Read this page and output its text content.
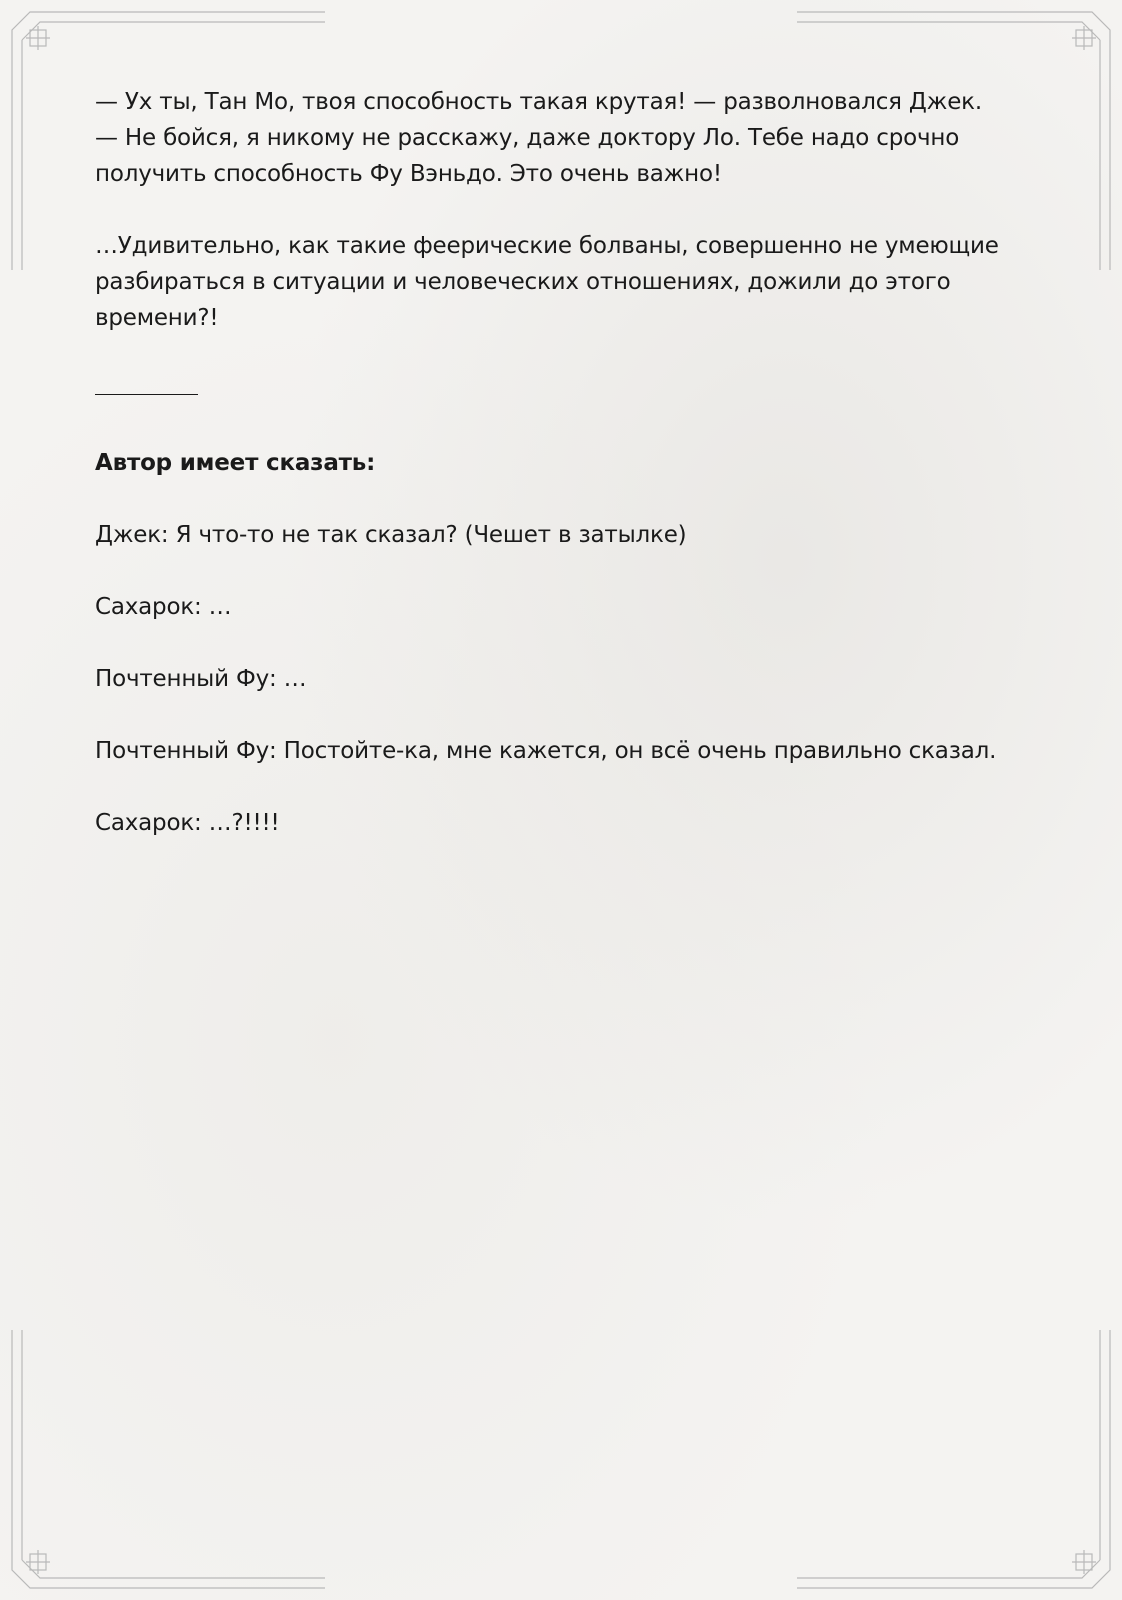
— Ух ты, Тан Мо, твоя способность такая крутая! — разволновался Джек.
— Не бойся, я никому не расскажу, даже доктору Ло. Тебе надо срочно
получить способность Фу Вэньдо. Это очень важно!

…Удивительно, как такие феерические болваны, совершенно не умеющие
разбираться в ситуации и человеческих отношениях, дожили до этого
времени?!

Автор имеет сказать:
Джек: Я что-то не так сказал? (Чешет в затылке)
Сахарок: …
Почтенный Фу: …
Почтенный Фу: Постойте-ка, мне кажется, он всё очень правильно сказал.
Сахарок: …?!!!!
